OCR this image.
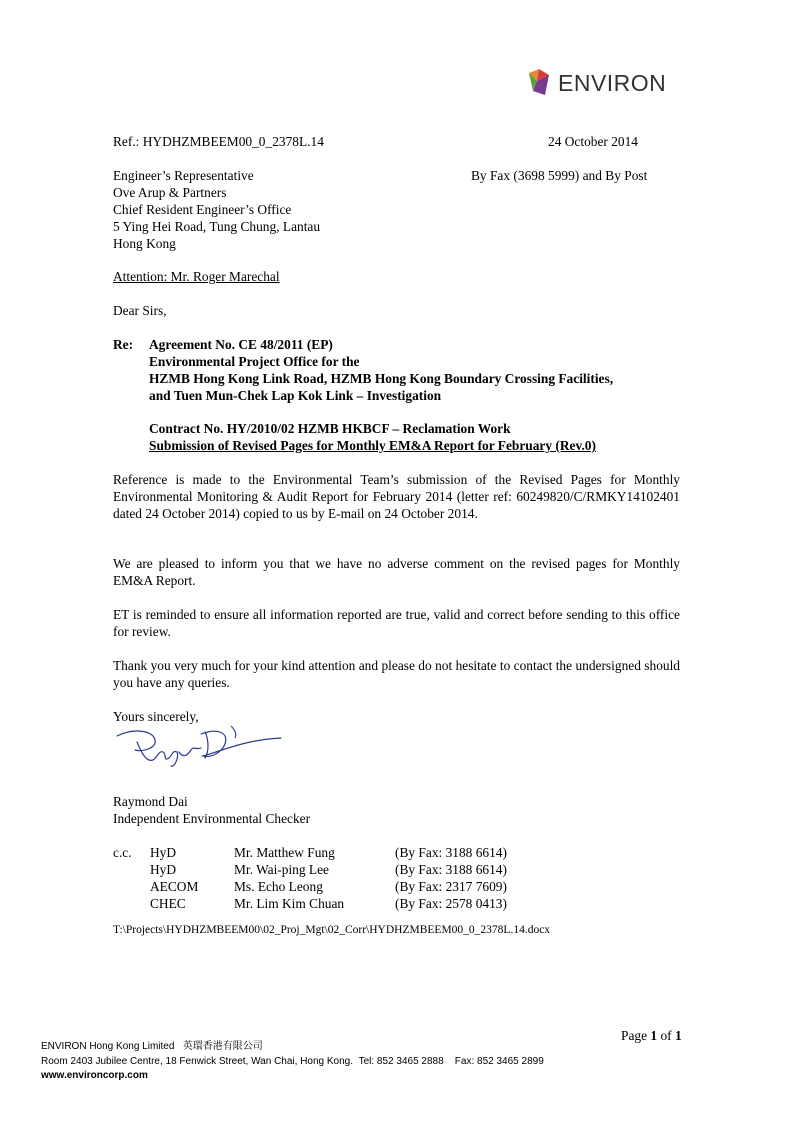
ENVIRON
Ref.: HYDHZMBEEM00_0_2378L.14	24 October 2014
Engineer’s Representative
Ove Arup & Partners
Chief Resident Engineer’s Office
5 Ying Hei Road, Tung Chung, Lantau
Hong Kong
By Fax (3698 5999) and By Post
Attention: Mr. Roger Marechal
Dear Sirs,
Re: Agreement No. CE 48/2011 (EP)
Environmental Project Office for the
HZMB Hong Kong Link Road, HZMB Hong Kong Boundary Crossing Facilities,
and Tuen Mun-Chek Lap Kok Link – Investigation
Contract No. HY/2010/02 HZMB HKBCF – Reclamation Work
Submission of Revised Pages for Monthly EM&A Report for February (Rev.0)
Reference is made to the Environmental Team’s submission of the Revised Pages for Monthly Environmental Monitoring & Audit Report for February 2014 (letter ref: 60249820/C/RMKY14102401 dated 24 October 2014) copied to us by E-mail on 24 October 2014.
We are pleased to inform you that we have no adverse comment on the revised pages for Monthly EM&A Report.
ET is reminded to ensure all information reported are true, valid and correct before sending to this office for review.
Thank you very much for your kind attention and please do not hesitate to contact the undersigned should you have any queries.
Yours sincerely,
Raymond Dai
Independent Environmental Checker
c.c. HyD	Mr. Matthew Fung	(By Fax: 3188 6614)
HyD	Mr. Wai-ping Lee	(By Fax: 3188 6614)
AECOM	Ms. Echo Leong	(By Fax: 2317 7609)
CHEC	Mr. Lim Kim Chuan	(By Fax: 2578 0413)
T:\Projects\HYDHZMBEEM00\02_Proj_Mgt\02_Corr\HYDHZMBEEM00_0_2378L.14.docx
Page 1 of 1
ENVIRON Hong Kong Limited 英環香港有限公司
Room 2403 Jubilee Centre, 18 Fenwick Street, Wan Chai, Hong Kong. Tel: 852 3465 2888 Fax: 852 3465 2899
www.environcorp.com
